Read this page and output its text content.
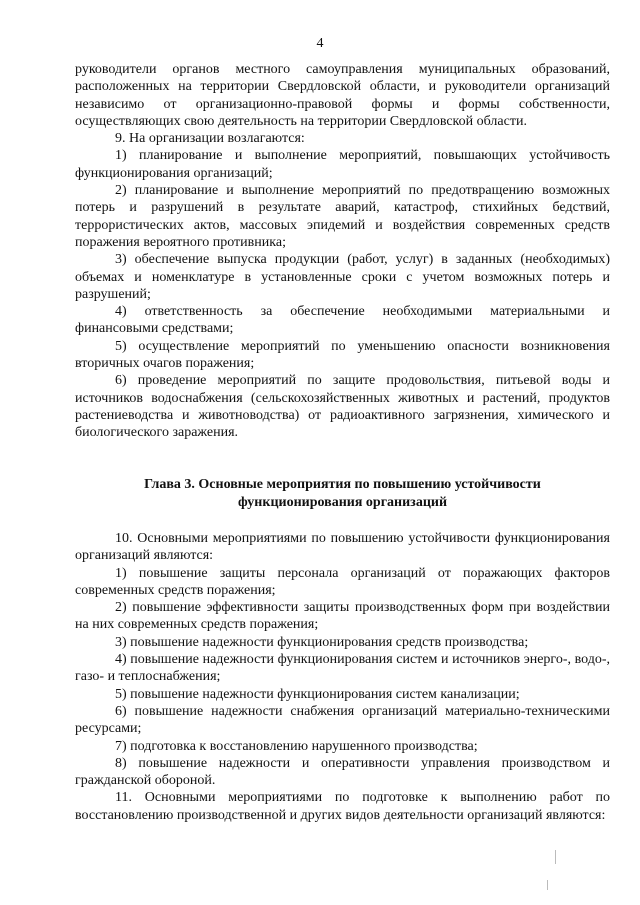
4

руководители органов местного самоуправления муниципальных образований, расположенных на территории Свердловской области, и руководители организаций независимо от организационно-правовой формы и формы собственности, осуществляющих свою деятельность на территории Свердловской области.

9. На организации возлагаются:

1) планирование и выполнение мероприятий, повышающих устойчивость функционирования организаций;

2) планирование и выполнение мероприятий по предотвращению возможных потерь и разрушений в результате аварий, катастроф, стихийных бедствий, террористических актов, массовых эпидемий и воздействия современных средств поражения вероятного противника;

3) обеспечение выпуска продукции (работ, услуг) в заданных (необходимых) объемах и номенклатуре в установленные сроки с учетом возможных потерь и разрушений;

4) ответственность за обеспечение необходимыми материальными и финансовыми средствами;

5) осуществление мероприятий по уменьшению опасности возникновения вторичных очагов поражения;

6) проведение мероприятий по защите продовольствия, питьевой воды и источников водоснабжения (сельскохозяйственных животных и растений, продуктов растениеводства и животноводства) от радиоактивного загрязнения, химического и биологического заражения.

Глава 3. Основные мероприятия по повышению устойчивости

функционирования организаций

10. Основными мероприятиями по повышению устойчивости функционирования организаций являются:

1) повышение защиты персонала организаций от поражающих факторов современных средств поражения;

2) повышение эффективности защиты производственных форм при воздействии на них современных средств поражения;

3) повышение надежности функционирования средств производства;

4) повышение надежности функционирования систем и источников энерго-, водо-, газо- и теплоснабжения;

5) повышение надежности функционирования систем канализации;

6) повышение надежности снабжения организаций материально-техническими ресурсами;

7) подготовка к восстановлению нарушенного производства;

8) повышение надежности и оперативности управления производством и гражданской обороной.

11. Основными мероприятиями по подготовке к выполнению работ по восстановлению производственной и других видов деятельности организаций являются:
